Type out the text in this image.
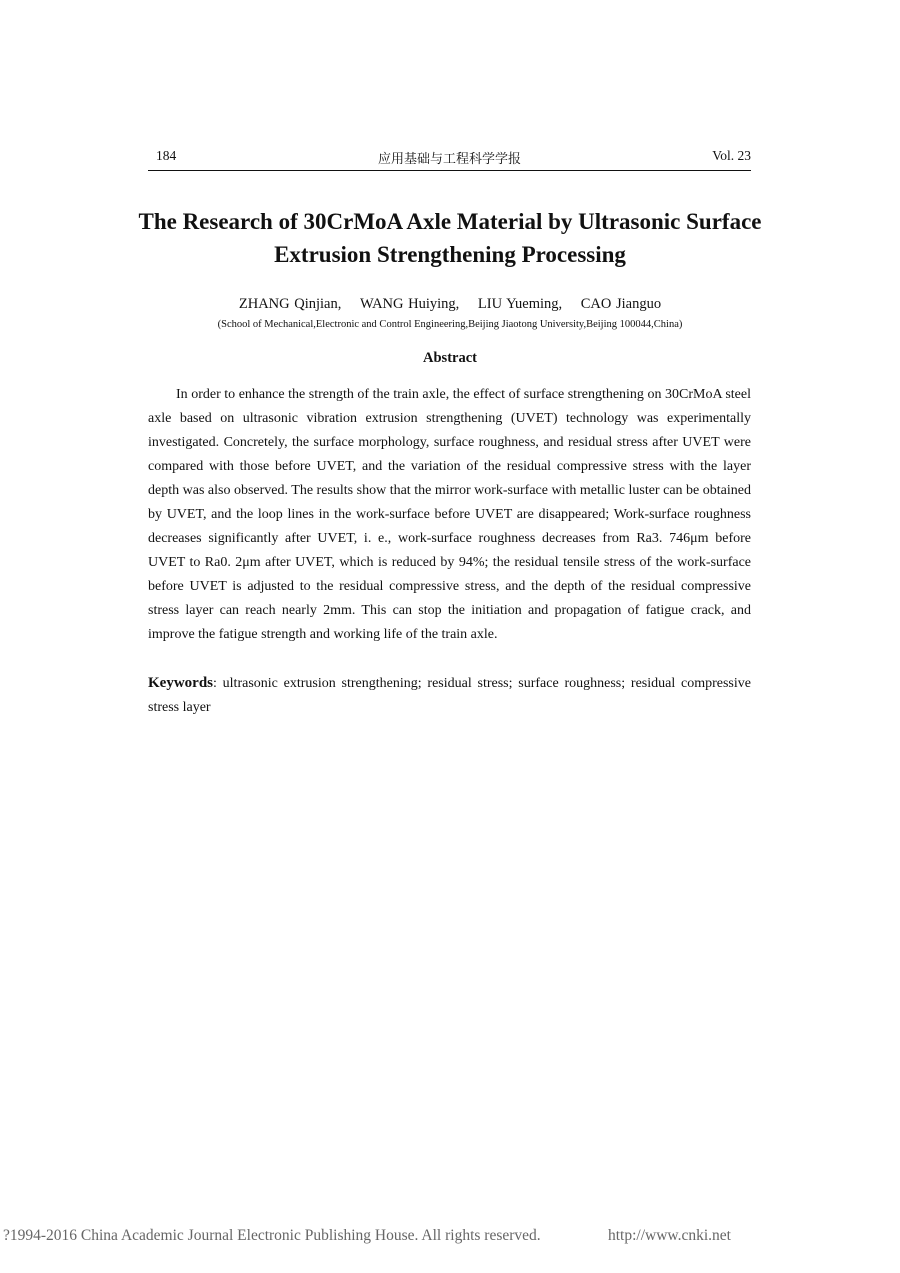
184	应用基础与工程科学学报	Vol. 23
The Research of 30CrMoA Axle Material by Ultrasonic Surface Extrusion Strengthening Processing
ZHANG Qinjian, WANG Huiying, LIU Yueming, CAO Jianguo
(School of Mechanical,Electronic and Control Engineering,Beijing Jiaotong University,Beijing 100044,China)
Abstract

In order to enhance the strength of the train axle, the effect of surface strengthening on 30CrMoA steel axle based on ultrasonic vibration extrusion strengthening (UVET) technology was experimentally investigated. Concretely, the surface morphology, surface roughness, and residual stress after UVET were compared with those before UVET, and the variation of the residual compressive stress with the layer depth was also observed. The results show that the mirror work-surface with metallic luster can be obtained by UVET, and the loop lines in the work-surface before UVET are disappeared; Work-surface roughness decreases significantly after UVET, i. e., work-surface roughness decreases from Ra3. 746μm before UVET to Ra0. 2μm after UVET, which is reduced by 94%; the residual tensile stress of the work-surface before UVET is adjusted to the residual compressive stress, and the depth of the residual compressive stress layer can reach nearly 2mm. This can stop the initiation and propagation of fatigue crack, and improve the fatigue strength and working life of the train axle.

Keywords: ultrasonic extrusion strengthening; residual stress; surface roughness; residual compressive stress layer

?1994-2016 China Academic Journal Electronic Publishing House. All rights reserved.	http://www.cnki.net
